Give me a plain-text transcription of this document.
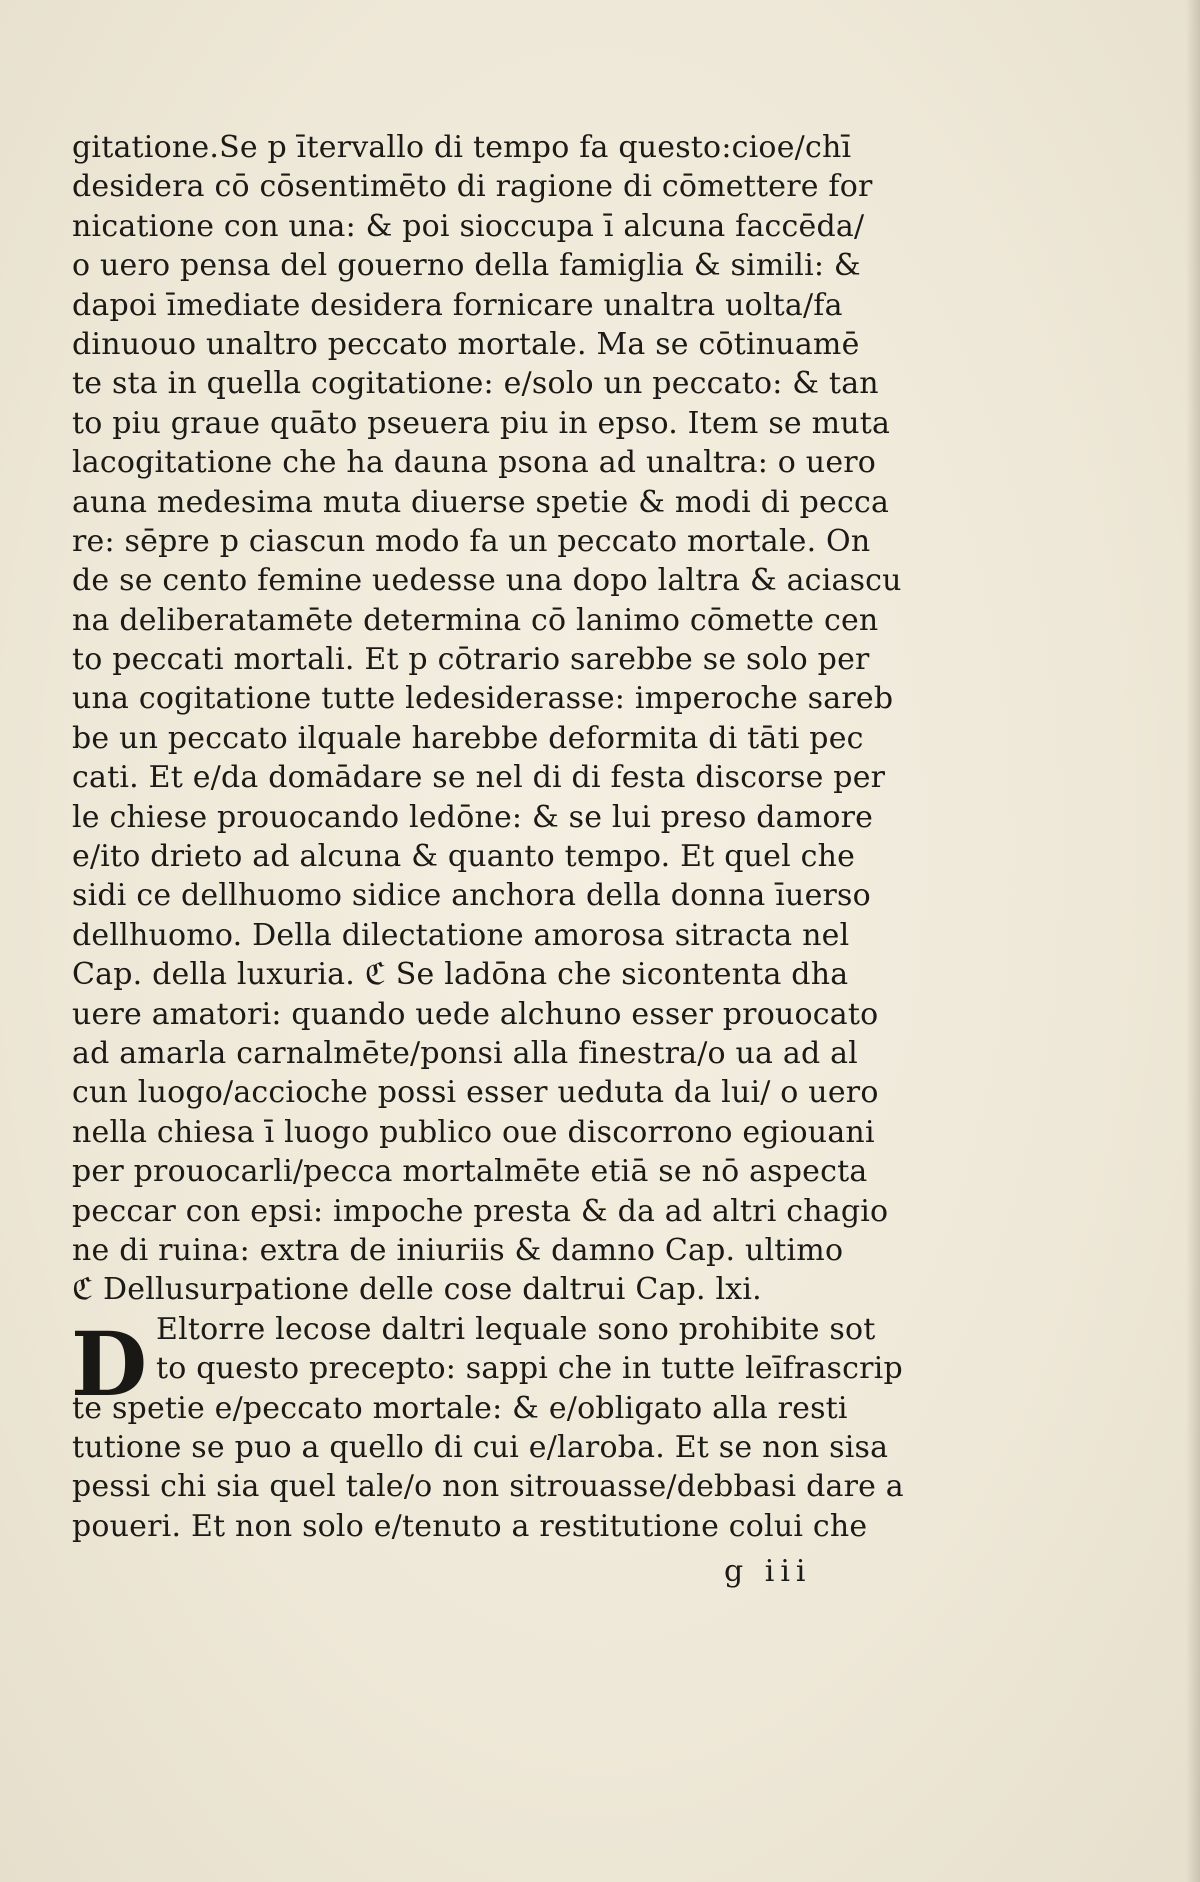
gitatione.Se p ītervallo di tempo fa questo:cioe/chī
desidera cō cōsentimēto di ragione di cōmettere for
nicatione con una: & poi sioccupa ī alcuna faccēda/
o uero pensa del gouerno della famiglia & simili: &
dapoi īmediate desidera fornicare unaltra uolta/fa
dinuouo unaltro peccato mortale. Ma se cōtinuamē
te sta in quella cogitatione: e/solo un peccato: & tan
to piu graue quāto pseuera piu in epso. Item se muta
lacogitatione che ha dauna psona ad unaltra: o uero
auna medesima muta diuerse spetie & modi di pecca
re: sēpre p ciascun modo fa un peccato mortale. On
de se cento femine uedesse una dopo laltra & aciascu
na deliberatamēte determina cō lanimo cōmette cen
to peccati mortali. Et p cōtrario sarebbe se solo per
una cogitatione tutte ledesiderasse: imperoche sareb
be un peccato ilquale harebbe deformita di tāti pec
cati. Et e/da domādare se nel di di festa discorse per
le chiese prouocando ledōne: & se lui preso damore
e/ito drieto ad alcuna & quanto tempo. Et quel che
sidi ce dellhuomo sidice anchora della donna īuerso
dellhuomo. Della dilectatione amorosa sitracta nel
Cap. della luxuria. ℭ Se ladōna che sicontenta dha
uere amatori: quando uede alchuno esser prouocato
ad amarla carnalmēte/ponsi alla finestra/o ua ad al
cun luogo/accioche possi esser ueduta da lui/ o uero
nella chiesa ī luogo publico oue discorrono egiouani
per prouocarli/pecca mortalmēte etiā se nō aspecta
peccar con epsi: impoche presta & da ad altri chagio
ne di ruina: extra de iniuriis & damno Cap. ultimo
ℭ Dellusurpatione delle cose daltrui Cap. lxi.
Eltorre lecose daltri lequale sono prohibite sot
to questo precepto: sappi che in tutte leīfrascrip
te spetie e/peccato mortale: & e/obligato alla resti
tutione se puo a quello di cui e/laroba. Et se non sisa
pessi chi sia quel tale/o non sitrouasse/debbasi dare a
poueri. Et non solo e/tenuto a restitutione colui che
D
g iii
